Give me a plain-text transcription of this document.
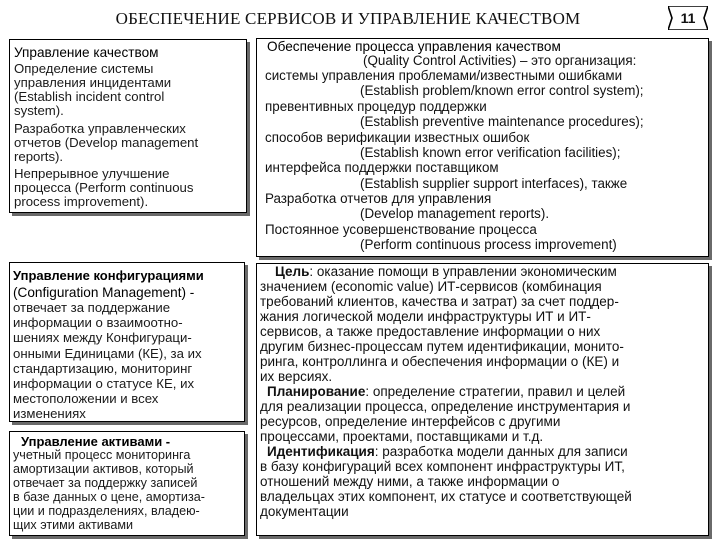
ОБЕСПЕЧЕНИЕ СЕРВИСОВ И УПРАВЛЕНИЕ КАЧЕСТВОМ	11

Управление качеством

Определение системы

управления инцидентами

(Establish incident control

system).

Разработка управленческих

отчетов (Develop management

reports).

Непрерывное улучшение

процесса (Perform continuous

process improvement).

Обеспечение процесса управления качеством

(Quality Control Activities) – это организация:

системы управления проблемами/известными ошибками

(Establish problem/known error control system);

превентивных процедур поддержки

(Establish preventive maintenance procedures);

способов верификации известных ошибок

(Establish known error verification facilities);

интерфейса поддержки поставщиком

(Establish supplier support interfaces), также

Разработка отчетов для управления

(Develop management reports).

Постоянное усовершенствование процесса

(Perform continuous process improvement)

Управление конфигурациями

(Configuration Management) -

отвечает за поддержание

информации о взаимоотно-

шениях между Конфигураци-

онными Единицами (КЕ), за их

стандартизацию, мониторинг

информации о статусе КЕ, их

местоположении и всех

изменениях

Управление активами -

учетный процесс мониторинга

амортизации активов, который

отвечает за поддержку записей

в базе данных о цене, амортиза-

ции и подразделениях, владею-

щих этими активами

Цель: оказание помощи в управлении экономическим

значением (economic value) ИТ-сервисов (комбинация

требований клиентов, качества и затрат) за счет поддер-

жания логической модели инфраструктуры ИТ и ИТ-

сервисов, а также предоставление информации о них

другим бизнес-процессам путем идентификации, монито-

ринга, контроллинга и обеспечения информации о (КЕ) и

их версиях.

Планирование: определение стратегии, правил и целей

для реализации процесса, определение инструментария и

ресурсов, определение интерфейсов с другими

процессами, проектами, поставщиками и т.д.

Идентификация: разработка модели данных для записи

в базу конфигураций всех компонент инфраструктуры ИТ,

отношений между ними, а также информации о

владельцах этих компонент, их статусе и соответствующей

документации
